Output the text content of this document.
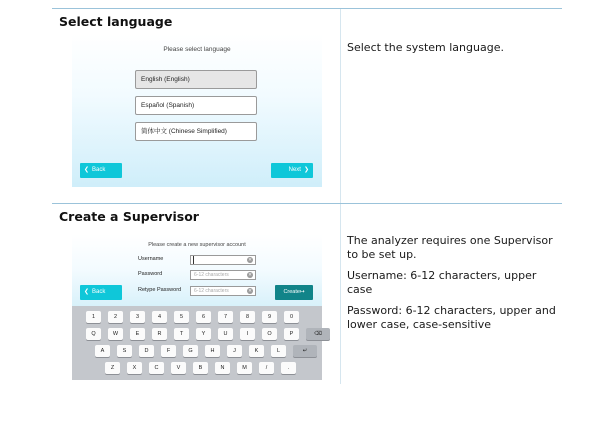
Select language
Please select language
English (English)
Español (Spanish)
简体中文 (Chinese Simplified)
❮ Back	Next ❯

Select the system language.

Create a Supervisor
Please create a new supervisor account
Username	✕
Password	6-12 characters	✕
Retype Password	6-12 characters	✕
❮ Back	Create↦
1	2	3	4	5	6	7	8	9	0
Q	W	E	R	T	Y	U	I	O	P
A	S	D	F	G	H	J	K	L
Z	X	C	V	B	N	M	/	.
⌫
↵

The analyzer requires one Supervisor to be set up.

Username: 6-12 characters, upper case

Password: 6-12 characters, upper and lower case, case-sensitive
